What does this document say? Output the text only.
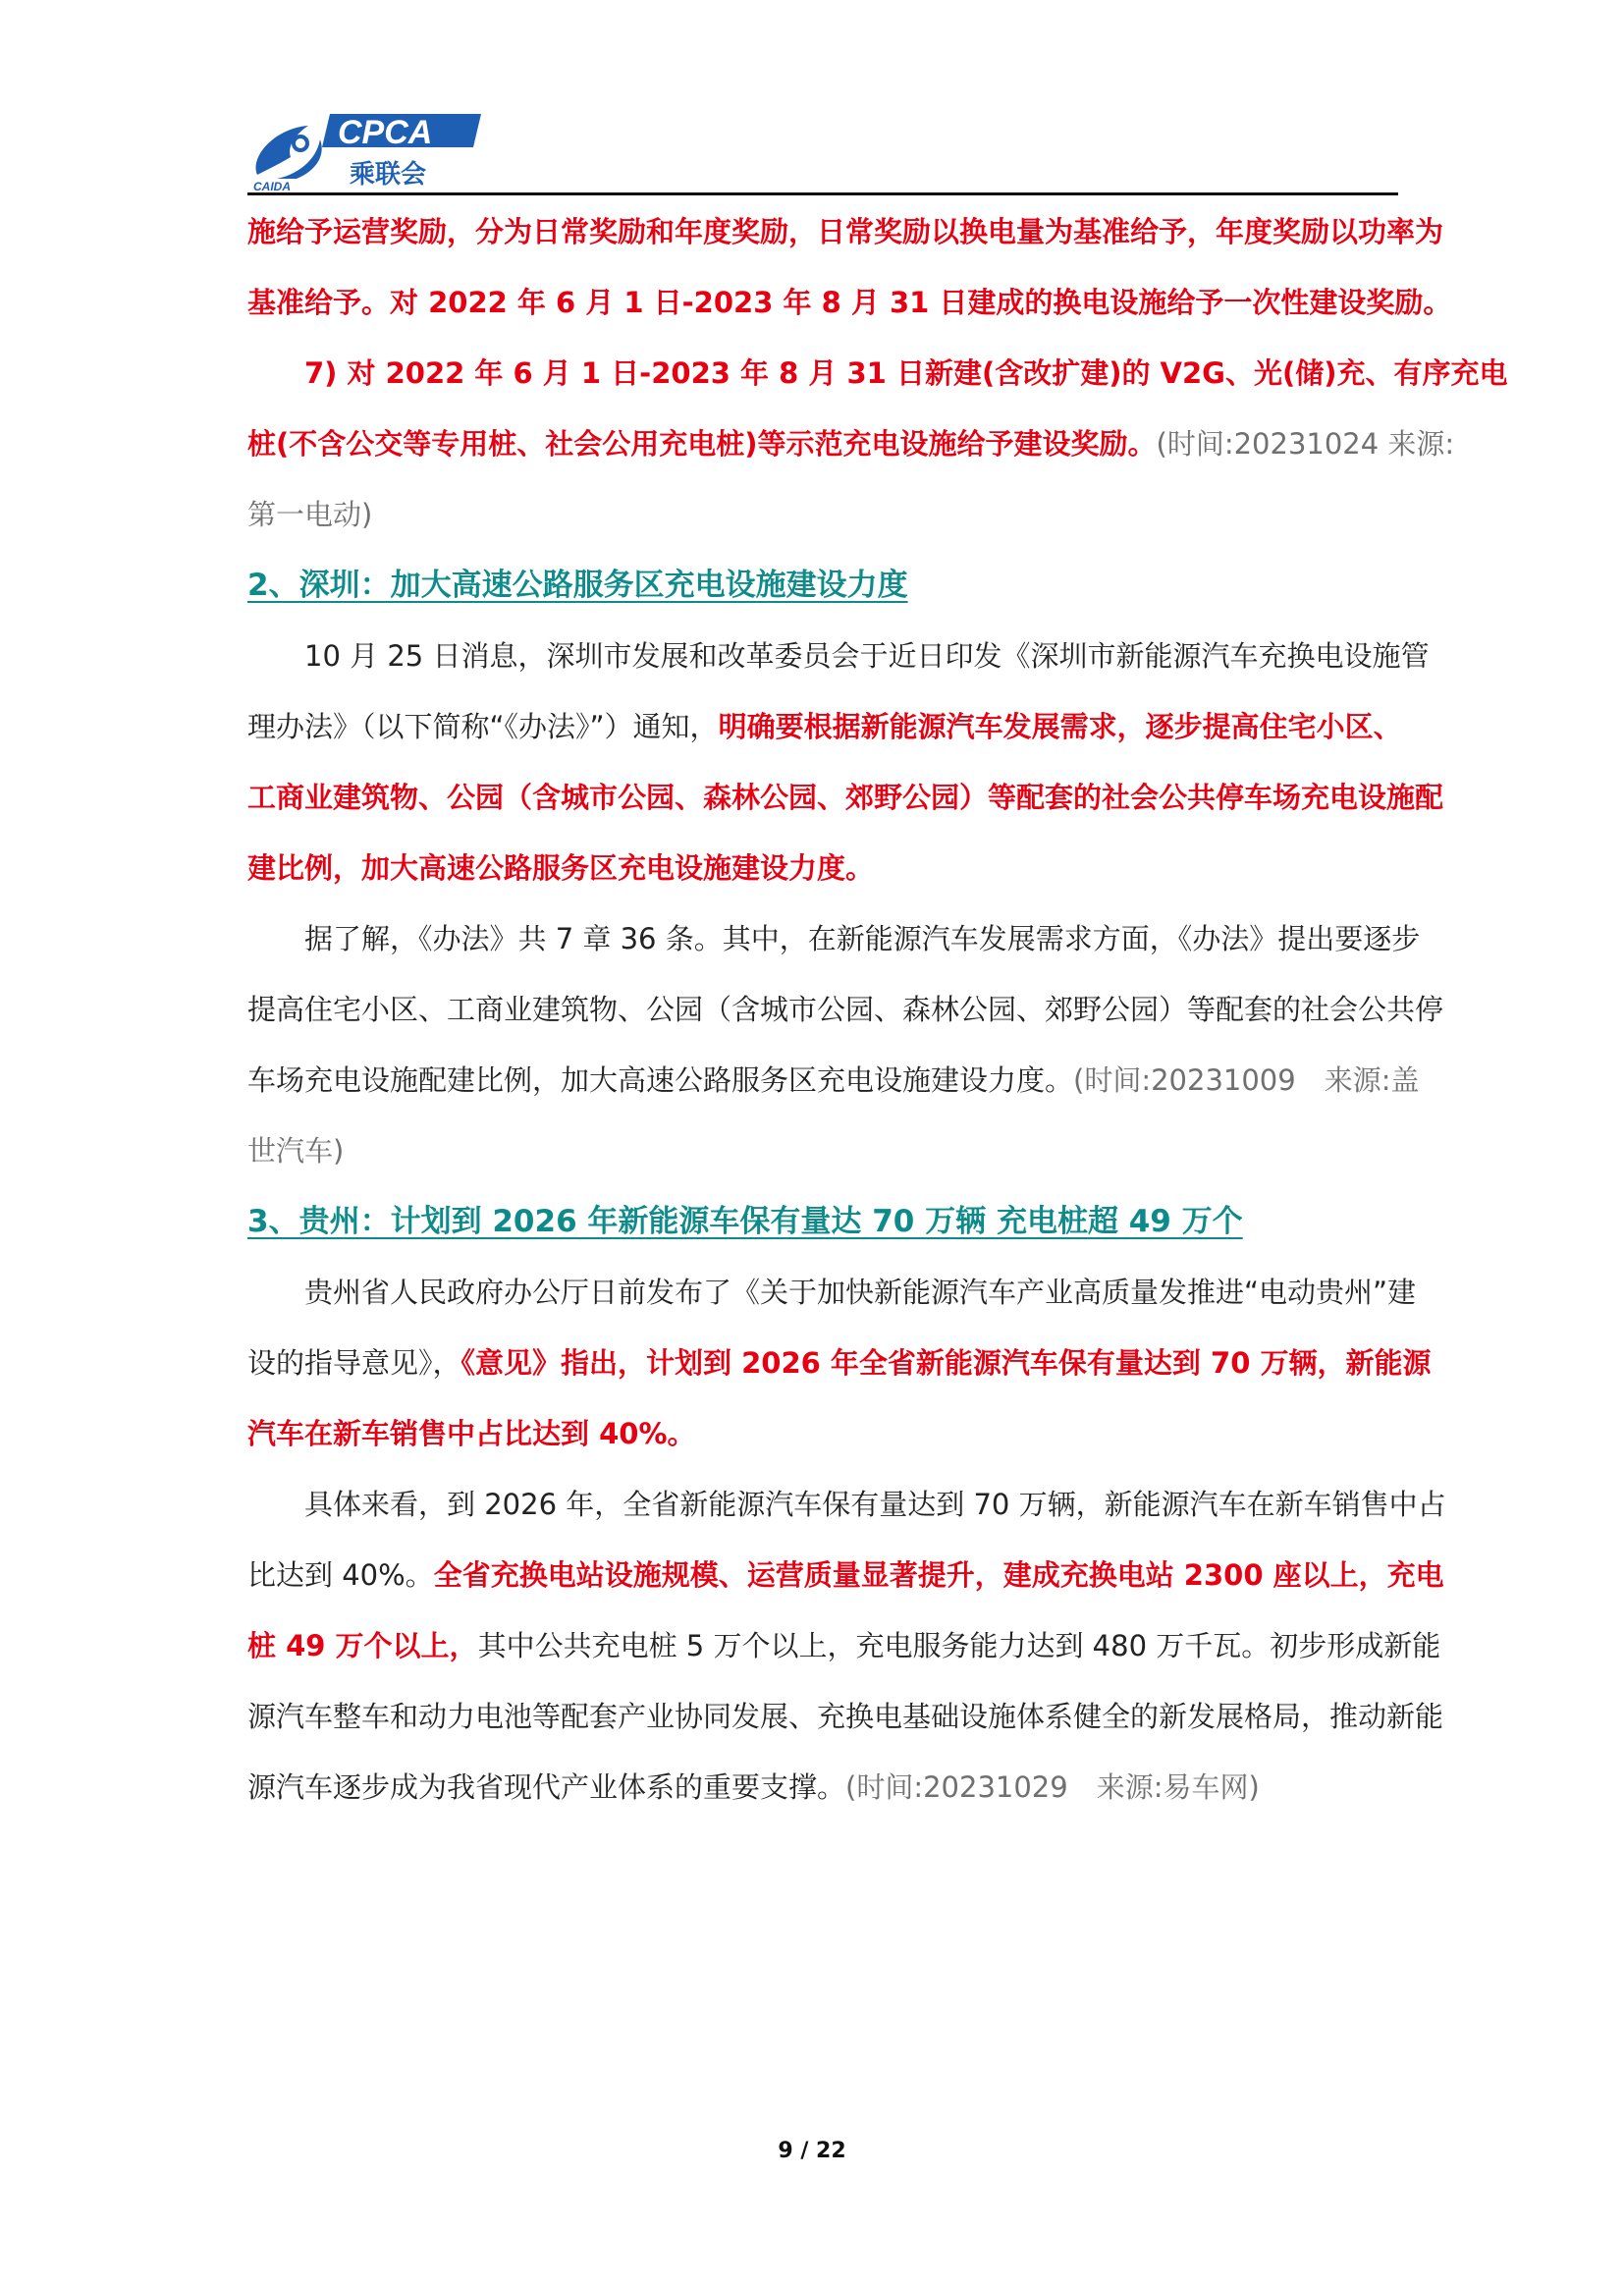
CAIDA
CPCA
乘联会
施给予运营奖励，分为日常奖励和年度奖励，日常奖励以换电量为基准给予，年度奖励以功率为
基准给予。对 2022 年 6 月 1 日-2023 年 8 月 31 日建成的换电设施给予一次性建设奖励。
7) 对 2022 年 6 月 1 日-2023 年 8 月 31 日新建(含改扩建)的 V2G、光(储)充、有序充电
桩(不含公交等专用桩、社会公用充电桩)等示范充电设施给予建设奖励。(时间:20231024 来源:
第一电动)
2、深圳：加大高速公路服务区充电设施建设力度
10 月 25 日消息，深圳市发展和改革委员会于近日印发《深圳市新能源汽车充换电设施管
理办法》（以下简称“《办法》”）通知，明确要根据新能源汽车发展需求，逐步提高住宅小区、
工商业建筑物、公园（含城市公园、森林公园、郊野公园）等配套的社会公共停车场充电设施配
建比例，加大高速公路服务区充电设施建设力度。
据了解，《办法》共 7 章 36 条。其中，在新能源汽车发展需求方面，《办法》提出要逐步
提高住宅小区、工商业建筑物、公园（含城市公园、森林公园、郊野公园）等配套的社会公共停
车场充电设施配建比例，加大高速公路服务区充电设施建设力度。(时间:20231009　来源:盖
世汽车)
3、贵州：计划到 2026 年新能源车保有量达 70 万辆 充电桩超 49 万个
贵州省人民政府办公厅日前发布了《关于加快新能源汽车产业高质量发推进“电动贵州”建
设的指导意见》，《意见》指出，计划到 2026 年全省新能源汽车保有量达到 70 万辆，新能源
汽车在新车销售中占比达到 40%。
具体来看，到 2026 年，全省新能源汽车保有量达到 70 万辆，新能源汽车在新车销售中占
比达到 40%。全省充换电站设施规模、运营质量显著提升，建成充换电站 2300 座以上，充电
桩 49 万个以上，其中公共充电桩 5 万个以上，充电服务能力达到 480 万千瓦。初步形成新能
源汽车整车和动力电池等配套产业协同发展、充换电基础设施体系健全的新发展格局，推动新能
源汽车逐步成为我省现代产业体系的重要支撑。(时间:20231029　来源:易车网)
9 / 22
